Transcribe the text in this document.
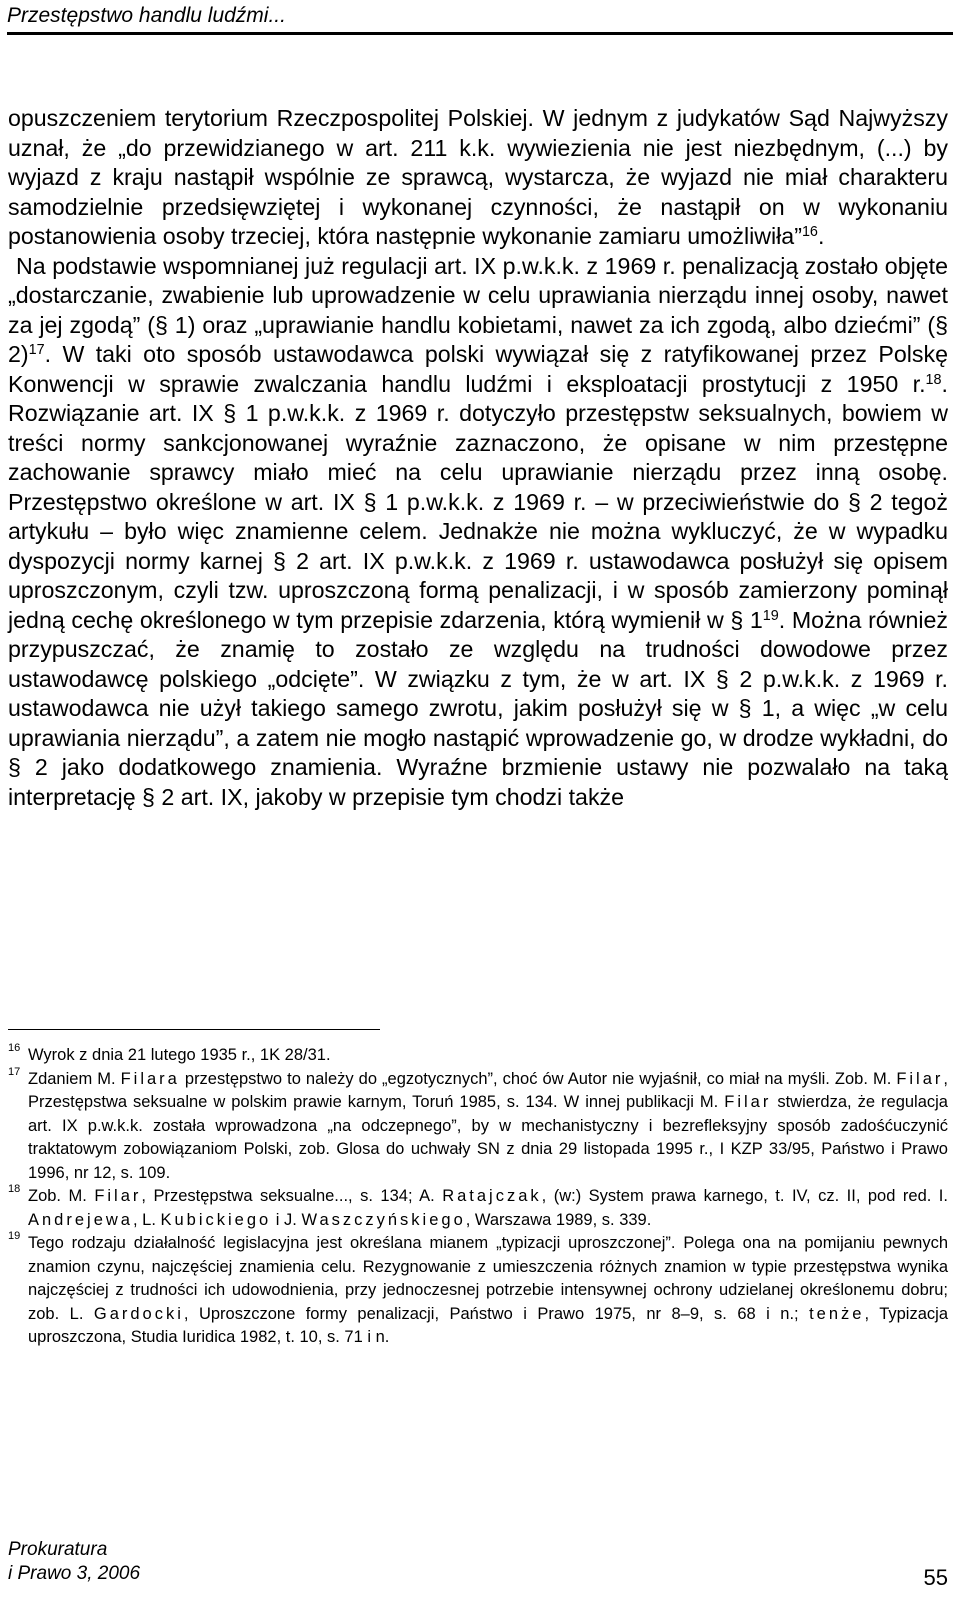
Przestępstwo handlu ludźmi...

opuszczeniem terytorium Rzeczpospolitej Polskiej. W jednym z judykatów Sąd Najwyższy uznał, że „do przewidzianego w art. 211 k.k. wywiezienia nie jest niezbędnym, (...) by wyjazd z kraju nastąpił wspólnie ze sprawcą, wystarcza, że wyjazd nie miał charakteru samodzielnie przedsięwziętej i wykonanej czynności, że nastąpił on w wykonaniu postanowienia osoby trzeciej, która następnie wykonanie zamiaru umożliwiła”$^{16}$.

Na podstawie wspomnianej już regulacji art. IX p.w.k.k. z 1969 r. penalizacją zostało objęte „dostarczanie, zwabienie lub uprowadzenie w celu uprawiania nierządu innej osoby, nawet za jej zgodą” (§ 1) oraz „uprawianie handlu kobietami, nawet za ich zgodą, albo dziećmi” (§ 2)$^{17}$. W taki oto sposób ustawodawca polski wywiązał się z ratyfikowanej przez Polskę Konwencji w sprawie zwalczania handlu ludźmi i eksploatacji prostytucji z 1950 r.$^{18}$. Rozwiązanie art. IX § 1 p.w.k.k. z 1969 r. dotyczyło przestępstw seksualnych, bowiem w treści normy sankcjonowanej wyraźnie zaznaczono, że opisane w nim przestępne zachowanie sprawcy miało mieć na celu uprawianie nierządu przez inną osobę. Przestępstwo określone w art. IX § 1 p.w.k.k. z 1969 r. – w przeciwieństwie do § 2 tegoż artykułu – było więc znamienne celem. Jednakże nie można wykluczyć, że w wypadku dyspozycji normy karnej § 2 art. IX p.w.k.k. z 1969 r. ustawodawca posłużył się opisem uproszczonym, czyli tzw. uproszczoną formą penalizacji, i w sposób zamierzony pominął jedną cechę określonego w tym przepisie zdarzenia, którą wymienił w § $1^{19}$. Można również przypuszczać, że znamię to zostało ze względu na trudności dowodowe przez ustawodawcę polskiego „odcięte”. W związku z tym, że w art. IX § 2 p.w.k.k. z 1969 r. ustawodawca nie użył takiego samego zwrotu, jakim posłużył się w § 1, a więc „w celu uprawiania nierządu”, a zatem nie mogło nastąpić wprowadzenie go, w drodze wykładni, do § 2 jako dodatkowego znamienia. Wyraźne brzmienie ustawy nie pozwalało na taką interpretację § 2 art. IX, jakoby w przepisie tym chodzi także

16 Wyrok z dnia 21 lutego 1935 r., 1K 28/31.
17 Zdaniem M. Filara przestępstwo to należy do „egzotycznych”, choć ów Autor nie wyjaśnił, co miał na myśli. Zob. M. Filar, Przestępstwa seksualne w polskim prawie karnym, Toruń 1985, s. 134. W innej publikacji M. Filar stwierdza, że regulacja art. IX p.w.k.k. została wprowadzona „na odczepnego”, by w mechanistyczny i bezrefleksyjny sposób zadośćuczynić traktatowym zobowiązaniom Polski, zob. Glosa do uchwały SN z dnia 29 listopada 1995 r., I KZP 33/95, Państwo i Prawo 1996, nr 12, s. 109.
18 Zob. M. Filar, Przestępstwa seksualne..., s. 134; A. Ratajczak, (w:) System prawa karnego, t. IV, cz. II, pod red. I. Andrejewa, L. Kubickiego i J. Waszczyńskiego, Warszawa 1989, s. 339.
19 Tego rodzaju działalność legislacyjna jest określana mianem „typizacji uproszczonej”. Polega ona na pomijaniu pewnych znamion czynu, najczęściej znamienia celu. Rezygnowanie z umieszczenia różnych znamion w typie przestępstwa wynika najczęściej z trudności ich udowodnienia, przy jednoczesnej potrzebie intensywnej ochrony udzielanej określonemu dobru; zob. L. Gardocki, Uproszczone formy penalizacji, Państwo i Prawo 1975, nr 8–9, s. 68 i n.; tenże, Typizacja uproszczona, Studia Iuridica 1982, t. 10, s. 71 i n.
Prokuratura
i Prawo 3, 2006	55
